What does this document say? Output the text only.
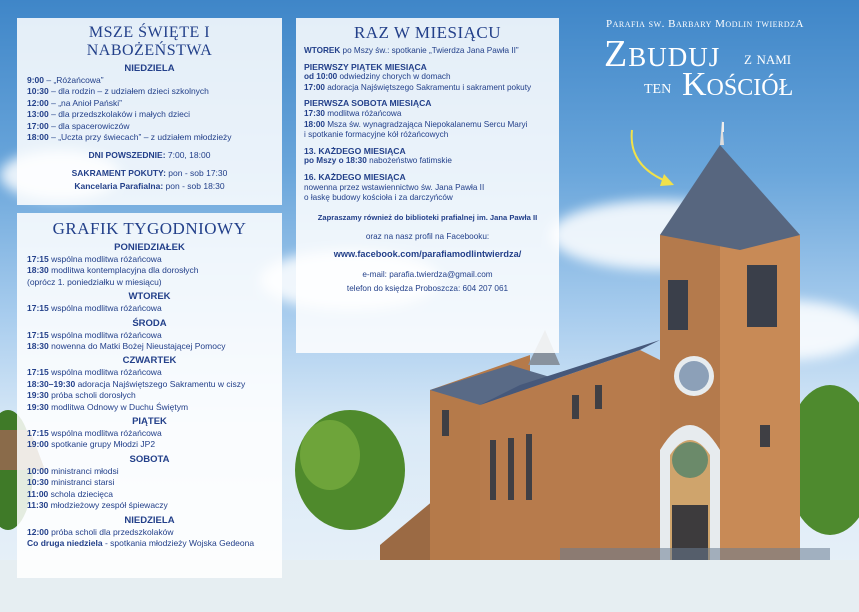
Parafia sw. Barbary Modlin twierdzA
Zbuduj z nami
ten Kościół
MSZE ŚWIĘTE I NABOŻEŃSTWA
NIEDZIELA
9:00 – „Różańcowa”
10:30 – dla rodzin – z udziałem dzieci szkolnych
12:00 – „na Anioł Pański”
13:00 – dla przedszkolaków i małych dzieci
17:00 – dla spacerowiczów
18:00 – „Uczta przy świecach” – z udziałem młodzieży
DNI POWSZEDNIE: 7:00, 18:00
SAKRAMENT POKUTY: pon - sob 17:30
Kancelaria Parafialna: pon - sob 18:30
GRAFIK TYGODNIOWY
PONIEDZIAŁEK
17:15 wspólna modlitwa różańcowa
18:30 modlitwa kontemplacyjna dla dorosłych
(oprócz 1. poniedziałku w miesiącu)
WTOREK
17:15 wspólna modlitwa różańcowa
ŚRODA
17:15 wspólna modlitwa różańcowa
18:30 nowenna do Matki Bożej Nieustającej Pomocy
CZWARTEK
17:15 wspólna modlitwa różańcowa
18:30–19:30 adoracja Najświętszego Sakramentu w ciszy
19:30 próba scholi dorosłych
19:30 modlitwa Odnowy w Duchu Świętym
PIĄTEK
17:15 wspólna modlitwa różańcowa
19:00 spotkanie grupy Młodzi JP2
SOBOTA
10:00 ministranci młodsi
10:30 ministranci starsi
11:00 schola dziecięca
11:30 młodzieżowy zespół śpiewaczy
NIEDZIELA
12:00 próba scholi dla przedszkolaków
Co druga niedziela - spotkania młodzieży Wojska Gedeona
RAZ W MIESIĄCU
WTOREK po Mszy św.: spotkanie „Twierdza Jana Pawła II”
PIERWSZY PIĄTEK MIESIĄCA
od 10:00 odwiedziny chorych w domach
17:00 adoracja Najświętszego Sakramentu i sakrament pokuty
PIERWSZA SOBOTA MIESIĄCA
17:30 modlitwa różańcowa
18:00 Msza św. wynagradzająca Niepokalanemu Sercu Maryi
i spotkanie formacyjne kół różańcowych
13. KAŻDEGO MIESIĄCA
po Mszy o 18:30 nabożeństwo fatimskie
16. KAŻDEGO MIESIĄCA
nowenna przez wstawiennictwo św. Jana Pawła II
o łaskę budowy kościoła i za darczyńców
Zapraszamy również do biblioteki prafialnej im. Jana Pawła II
oraz na nasz profil na Facebooku:
www.facebook.com/parafiamodlintwierdza/
e-mail: parafia.twierdza@gmail.com
telefon do księdza Proboszcza: 604 207 061
